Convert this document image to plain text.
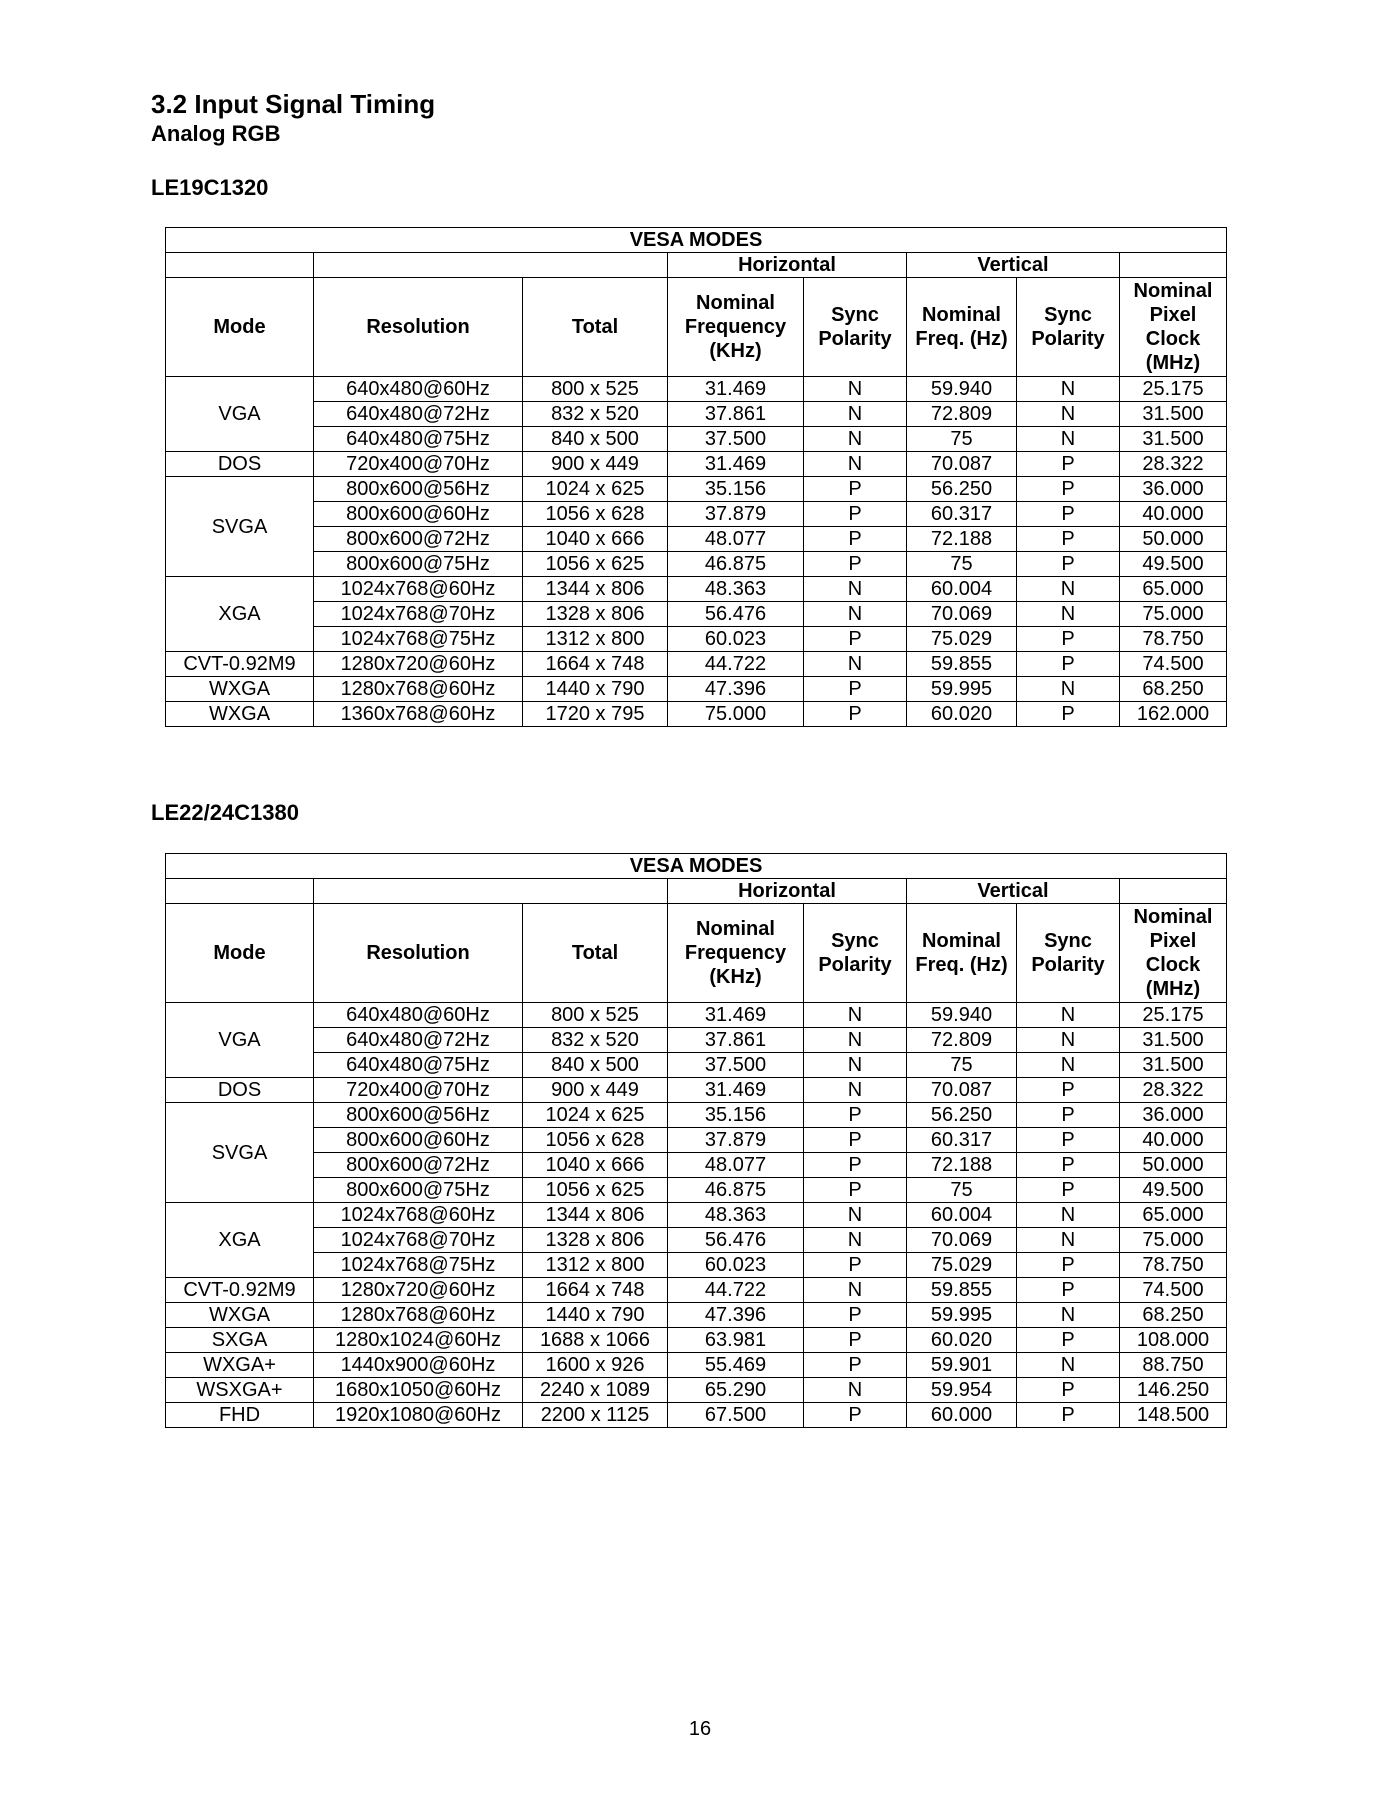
3.2 Input Signal Timing
Analog RGB
LE19C1320
VESA MODES							
			Horizontal		Vertical		
Mode	Resolution	Total	Nominal Frequency (KHz)	Sync Polarity	Nominal Freq. (Hz)	Sync Polarity	Nominal Pixel Clock (MHz)
VGA	640x480@60Hz	800 x 525	31.469	N	59.940	N	25.175
	640x480@72Hz	832 x 520	37.861	N	72.809	N	31.500
	640x480@75Hz	840 x 500	37.500	N	75	N	31.500
DOS	720x400@70Hz	900 x 449	31.469	N	70.087	P	28.322
SVGA	800x600@56Hz	1024 x 625	35.156	P	56.250	P	36.000
	800x600@60Hz	1056 x 628	37.879	P	60.317	P	40.000
	800x600@72Hz	1040 x 666	48.077	P	72.188	P	50.000
	800x600@75Hz	1056 x 625	46.875	P	75	P	49.500
XGA	1024x768@60Hz	1344 x 806	48.363	N	60.004	N	65.000
	1024x768@70Hz	1328 x 806	56.476	N	70.069	N	75.000
	1024x768@75Hz	1312 x 800	60.023	P	75.029	P	78.750
CVT-0.92M9	1280x720@60Hz	1664 x 748	44.722	N	59.855	P	74.500
WXGA	1280x768@60Hz	1440 x 790	47.396	P	59.995	N	68.250
WXGA	1360x768@60Hz	1720 x 795	75.000	P	60.020	P	162.000
LE22/24C1380
VESA MODES							
			Horizontal		Vertical		
Mode	Resolution	Total	Nominal Frequency (KHz)	Sync Polarity	Nominal Freq. (Hz)	Sync Polarity	Nominal Pixel Clock (MHz)
VGA	640x480@60Hz	800 x 525	31.469	N	59.940	N	25.175
	640x480@72Hz	832 x 520	37.861	N	72.809	N	31.500
	640x480@75Hz	840 x 500	37.500	N	75	N	31.500
DOS	720x400@70Hz	900 x 449	31.469	N	70.087	P	28.322
SVGA	800x600@56Hz	1024 x 625	35.156	P	56.250	P	36.000
	800x600@60Hz	1056 x 628	37.879	P	60.317	P	40.000
	800x600@72Hz	1040 x 666	48.077	P	72.188	P	50.000
	800x600@75Hz	1056 x 625	46.875	P	75	P	49.500
XGA	1024x768@60Hz	1344 x 806	48.363	N	60.004	N	65.000
	1024x768@70Hz	1328 x 806	56.476	N	70.069	N	75.000
	1024x768@75Hz	1312 x 800	60.023	P	75.029	P	78.750
CVT-0.92M9	1280x720@60Hz	1664 x 748	44.722	N	59.855	P	74.500
WXGA	1280x768@60Hz	1440 x 790	47.396	P	59.995	N	68.250
SXGA	1280x1024@60Hz	1688 x 1066	63.981	P	60.020	P	108.000
WXGA+	1440x900@60Hz	1600 x 926	55.469	P	59.901	N	88.750
WSXGA+	1680x1050@60Hz	2240 x 1089	65.290	N	59.954	P	146.250
FHD	1920x1080@60Hz	2200 x 1125	67.500	P	60.000	P	148.500
16
